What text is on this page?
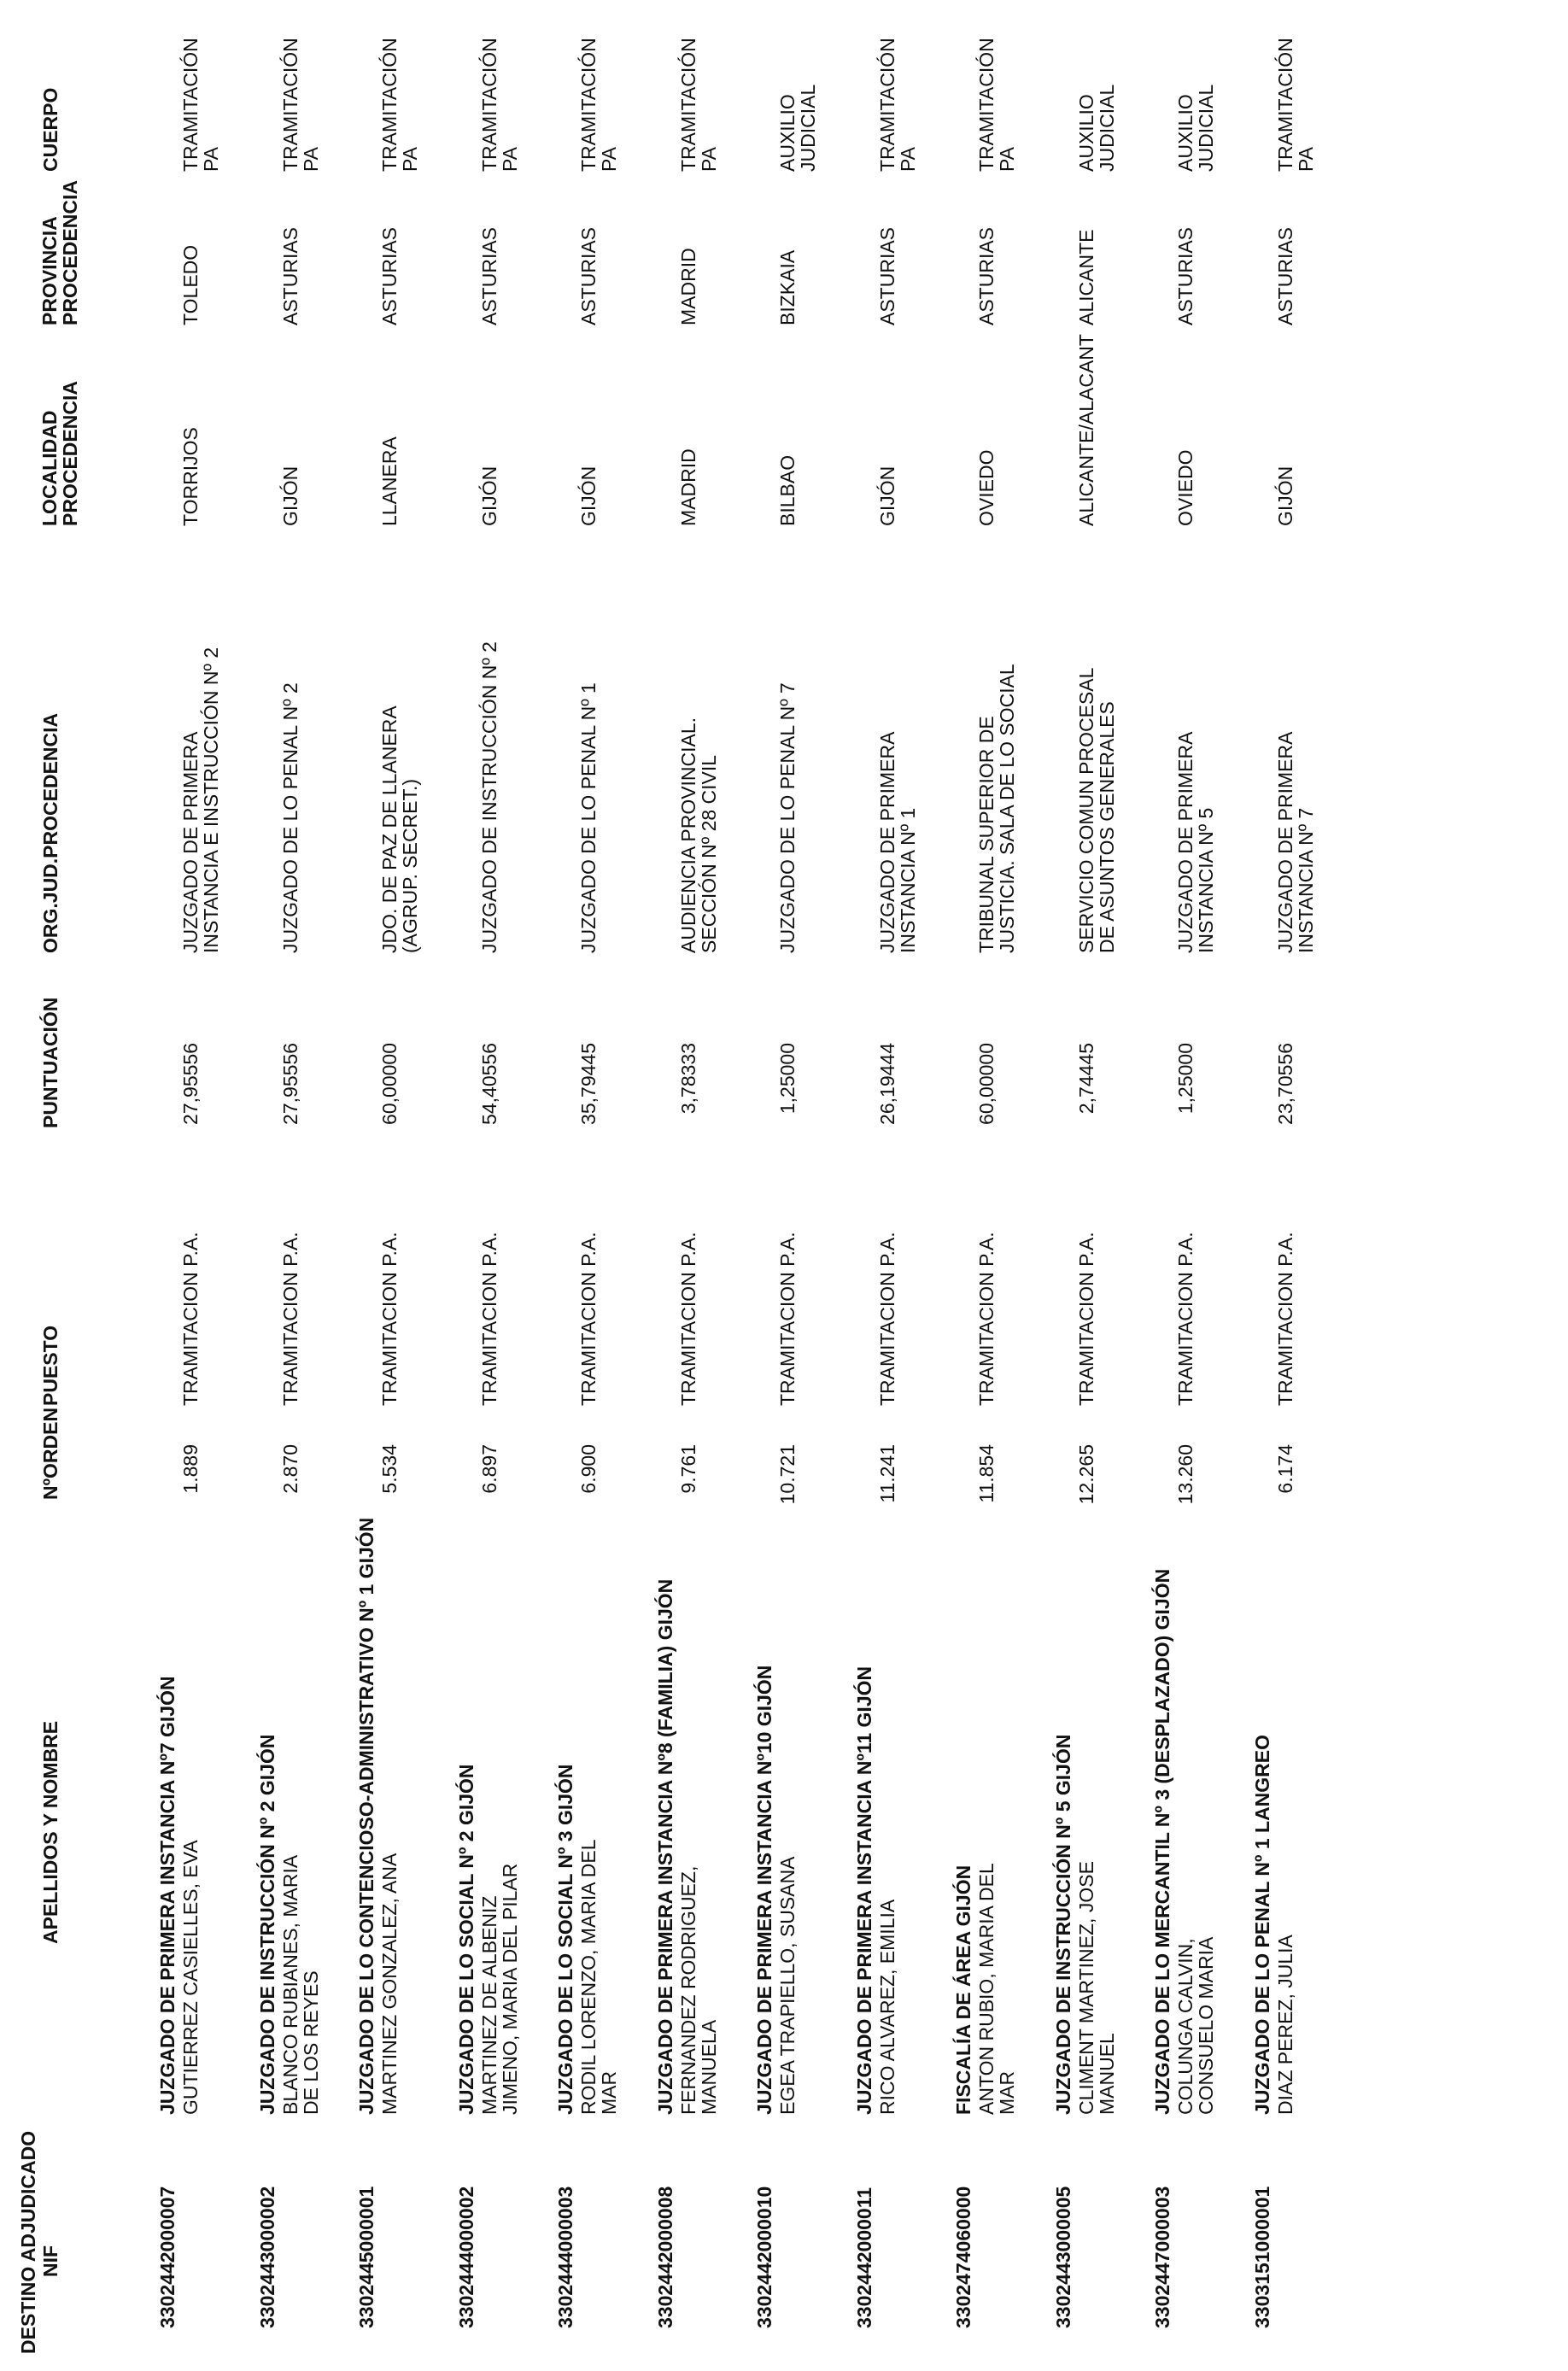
DESTINO ADJUDICADO NIF
APELLIDOS Y NOMBRE
NºORDEN
PUESTO
PUNTUACIÓN
ORG.JUD.PROCEDENCIA
LOCALIDAD PROCEDENCIA
PROVINCIA PROCEDENCIA
CUERPO
3302442000007
JUZGADO DE PRIMERA INSTANCIA Nº7 GIJÓN GUTIERREZ CASIELLES, EVA
1.889
TRAMITACION P.A.
27,95556
JUZGADO DE PRIMERA INSTANCIA E INSTRUCCIÓN Nº 2
TORRIJOS
TOLEDO
TRAMITACIÓN PA
3302443000002
JUZGADO DE INSTRUCCIÓN Nº 2 GIJÓN BLANCO RUBIANES, MARIA DE LOS REYES
2.870
TRAMITACION P.A.
27,95556
JUZGADO DE LO PENAL Nº 2
GIJÓN
ASTURIAS
TRAMITACIÓN PA
3302445000001
JUZGADO DE LO CONTENCIOSO-ADMINISTRATIVO Nº 1 GIJÓN MARTINEZ GONZALEZ, ANA
5.534
TRAMITACION P.A.
60,00000
JDO. DE PAZ DE LLANERA (AGRUP. SECRET.)
LLANERA
ASTURIAS
TRAMITACIÓN PA
3302444000002
JUZGADO DE LO SOCIAL Nº 2 GIJÓN MARTINEZ DE ALBENIZ JIMENO, MARIA DEL PILAR
6.897
TRAMITACION P.A.
54,40556
JUZGADO DE INSTRUCCIÓN Nº 2
GIJÓN
ASTURIAS
TRAMITACIÓN PA
3302444000003
JUZGADO DE LO SOCIAL Nº 3 GIJÓN RODIL LORENZO, MARIA DEL MAR
6.900
TRAMITACION P.A.
35,79445
JUZGADO DE LO PENAL Nº 1
GIJÓN
ASTURIAS
TRAMITACIÓN PA
3302442000008
JUZGADO DE PRIMERA INSTANCIA Nº8 (FAMILIA) GIJÓN FERNANDEZ RODRIGUEZ, MANUELA
9.761
TRAMITACION P.A.
3,78333
AUDIENCIA PROVINCIAL. SECCIÓN Nº 28 CIVIL
MADRID
MADRID
TRAMITACIÓN PA
3302442000010
JUZGADO DE PRIMERA INSTANCIA Nº10 GIJÓN EGEA TRAPIELLO, SUSANA
10.721
TRAMITACION P.A.
1,25000
JUZGADO DE LO PENAL Nº 7
BILBAO
BIZKAIA
AUXILIO JUDICIAL
3302442000011
JUZGADO DE PRIMERA INSTANCIA Nº11 GIJÓN RICO ALVAREZ, EMILIA
11.241
TRAMITACION P.A.
26,19444
JUZGADO DE PRIMERA INSTANCIA Nº 1
GIJÓN
ASTURIAS
TRAMITACIÓN PA
3302474060000
FISCALÍA DE ÁREA GIJÓN ANTON RUBIO, MARIA DEL MAR
11.854
TRAMITACION P.A.
60,00000
TRIBUNAL SUPERIOR DE JUSTICIA. SALA DE LO SOCIAL
OVIEDO
ASTURIAS
TRAMITACIÓN PA
3302443000005
JUZGADO DE INSTRUCCIÓN Nº 5 GIJÓN CLIMENT MARTINEZ, JOSE MANUEL
12.265
TRAMITACION P.A.
2,74445
SERVICIO COMUN PROCESAL DE ASUNTOS GENERALES
ALICANTE/ALACANT
ALICANTE
AUXILIO JUDICIAL
3302447000003
JUZGADO DE LO MERCANTIL Nº 3 (DESPLAZADO) GIJÓN COLUNGA CALVIN, CONSUELO MARIA
13.260
TRAMITACION P.A.
1,25000
JUZGADO DE PRIMERA INSTANCIA Nº 5
OVIEDO
ASTURIAS
AUXILIO JUDICIAL
3303151000001
JUZGADO DE LO PENAL Nº 1 LANGREO DIAZ PEREZ, JULIA
6.174
TRAMITACION P.A.
23,70556
JUZGADO DE PRIMERA INSTANCIA Nº 7
GIJÓN
ASTURIAS
TRAMITACIÓN PA
